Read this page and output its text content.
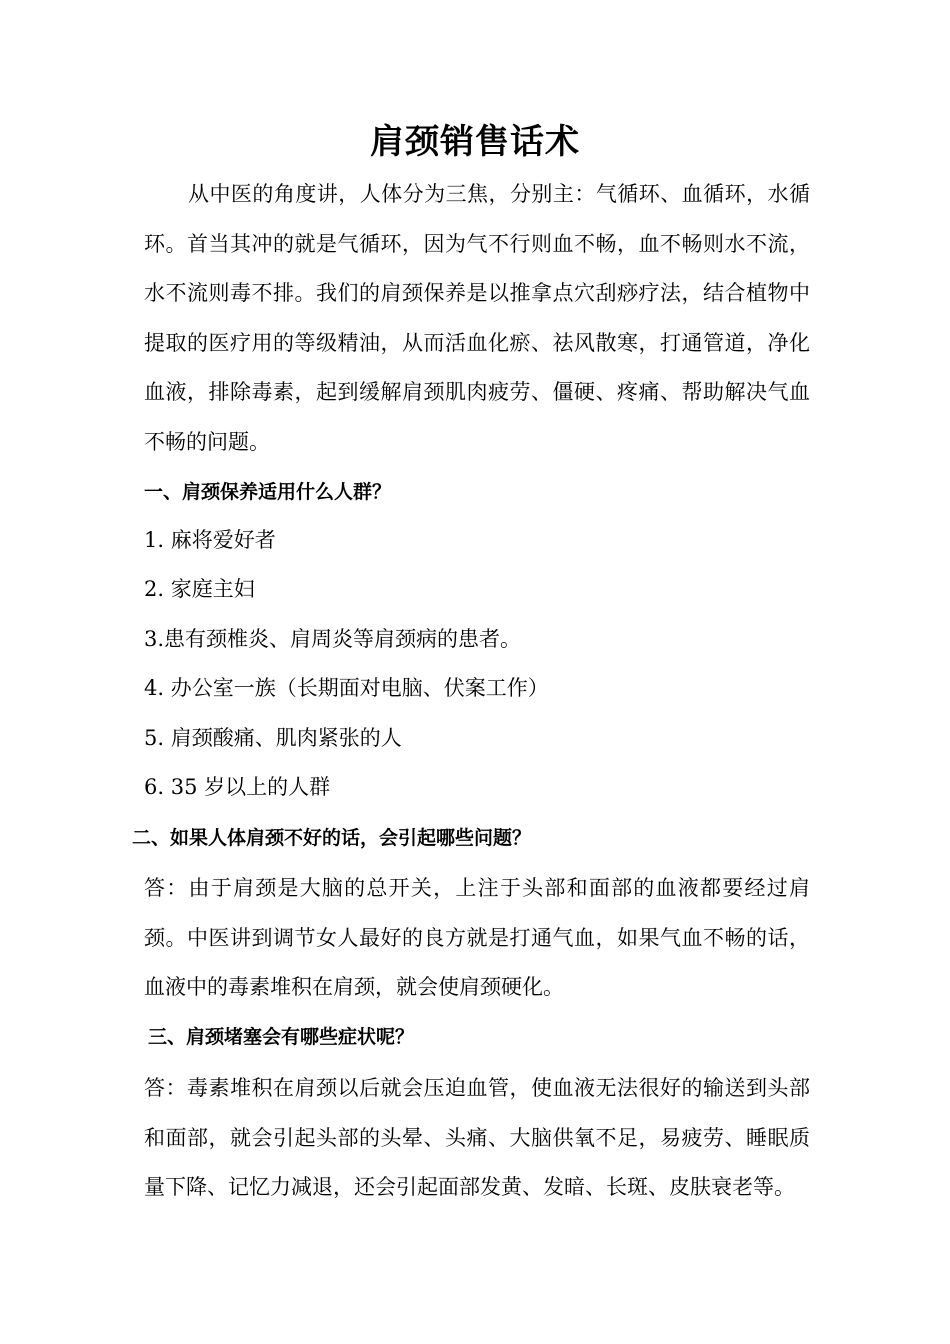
肩颈销售话术

从中医的角度讲，人体分为三焦，分别主：气循环、血循环，水循环。首当其冲的就是气循环，因为气不行则血不畅，血不畅则水不流，水不流则毒不排。我们的肩颈保养是以推拿点穴刮痧疗法，结合植物中提取的医疗用的等级精油，从而活血化瘀、祛风散寒，打通管道，净化血液，排除毒素，起到缓解肩颈肌肉疲劳、僵硬、疼痛、帮助解决气血不畅的问题。

一、肩颈保养适用什么人群？
1. 麻将爱好者
2. 家庭主妇
3.患有颈椎炎、肩周炎等肩颈病的患者。
4. 办公室一族（长期面对电脑、伏案工作）
5. 肩颈酸痛、肌肉紧张的人
6. 35 岁以上的人群
二、如果人体肩颈不好的话，会引起哪些问题？

答：由于肩颈是大脑的总开关，上注于头部和面部的血液都要经过肩颈。中医讲到调节女人最好的良方就是打通气血，如果气血不畅的话，血液中的毒素堆积在肩颈，就会使肩颈硬化。

三、肩颈堵塞会有哪些症状呢？

答：毒素堆积在肩颈以后就会压迫血管，使血液无法很好的输送到头部和面部，就会引起头部的头晕、头痛、大脑供氧不足，易疲劳、睡眠质量下降、记忆力减退，还会引起面部发黄、发暗、长斑、皮肤衰老等。
